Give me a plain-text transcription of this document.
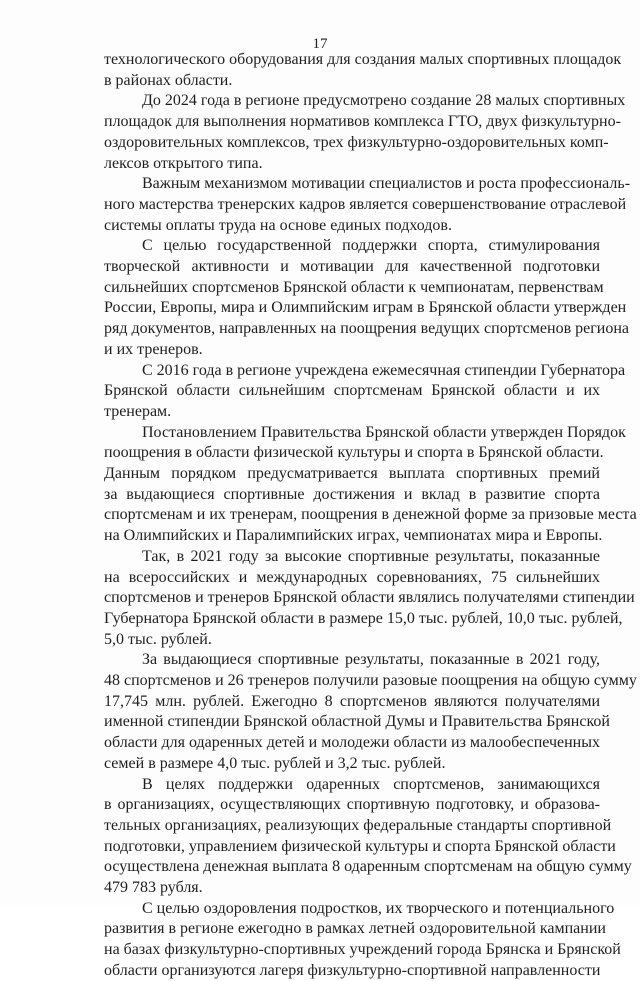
17
технологического оборудования для создания малых спортивных площадок
в районах области.
До 2024 года в регионе предусмотрено создание 28 малых спортивных
площадок для выполнения нормативов комплекса ГТО, двух физкультурно-
оздоровительных комплексов, трех физкультурно-оздоровительных комп-
лексов открытого типа.
Важным механизмом мотивации специалистов и роста профессиональ-
ного мастерства тренерских кадров является совершенствование отраслевой
системы оплаты труда на основе единых подходов.
С целью государственной поддержки спорта, стимулирования
творческой активности и мотивации для качественной подготовки
сильнейших спортсменов Брянской области к чемпионатам, первенствам
России, Европы, мира и Олимпийским играм в Брянской области утвержден
ряд документов, направленных на поощрения ведущих спортсменов региона
и их тренеров.
С 2016 года в регионе учреждена ежемесячная стипендии Губернатора
Брянской области сильнейшим спортсменам Брянской области и их
тренерам.
Постановлением Правительства Брянской области утвержден Порядок
поощрения в области физической культуры и спорта в Брянской области.
Данным порядком предусматривается выплата спортивных премий
за выдающиеся спортивные достижения и вклад в развитие спорта
спортсменам и их тренерам, поощрения в денежной форме за призовые места
на Олимпийских и Паралимпийских играх, чемпионатах мира и Европы.
Так, в 2021 году за высокие спортивные результаты, показанные
на всероссийских и международных соревнованиях, 75 сильнейших
спортсменов и тренеров Брянской области являлись получателями стипендии
Губернатора Брянской области в размере 15,0 тыс. рублей, 10,0 тыс. рублей,
5,0 тыс. рублей.
За выдающиеся спортивные результаты, показанные в 2021 году,
48 спортсменов и 26 тренеров получили разовые поощрения на общую сумму
17,745 млн. рублей. Ежегодно 8 спортсменов являются получателями
именной стипендии Брянской областной Думы и Правительства Брянской
области для одаренных детей и молодежи области из малообеспеченных
семей в размере 4,0 тыс. рублей и 3,2 тыс. рублей.
В целях поддержки одаренных спортсменов, занимающихся
в организациях, осуществляющих спортивную подготовку, и образова-
тельных организациях, реализующих федеральные стандарты спортивной
подготовки, управлением физической культуры и спорта Брянской области
осуществлена денежная выплата 8 одаренным спортсменам на общую сумму
479 783 рубля.
С целью оздоровления подростков, их творческого и потенциального
развития в регионе ежегодно в рамках летней оздоровительной кампании
на базах физкультурно-спортивных учреждений города Брянска и Брянской
области организуются лагеря физкультурно-спортивной направленности
